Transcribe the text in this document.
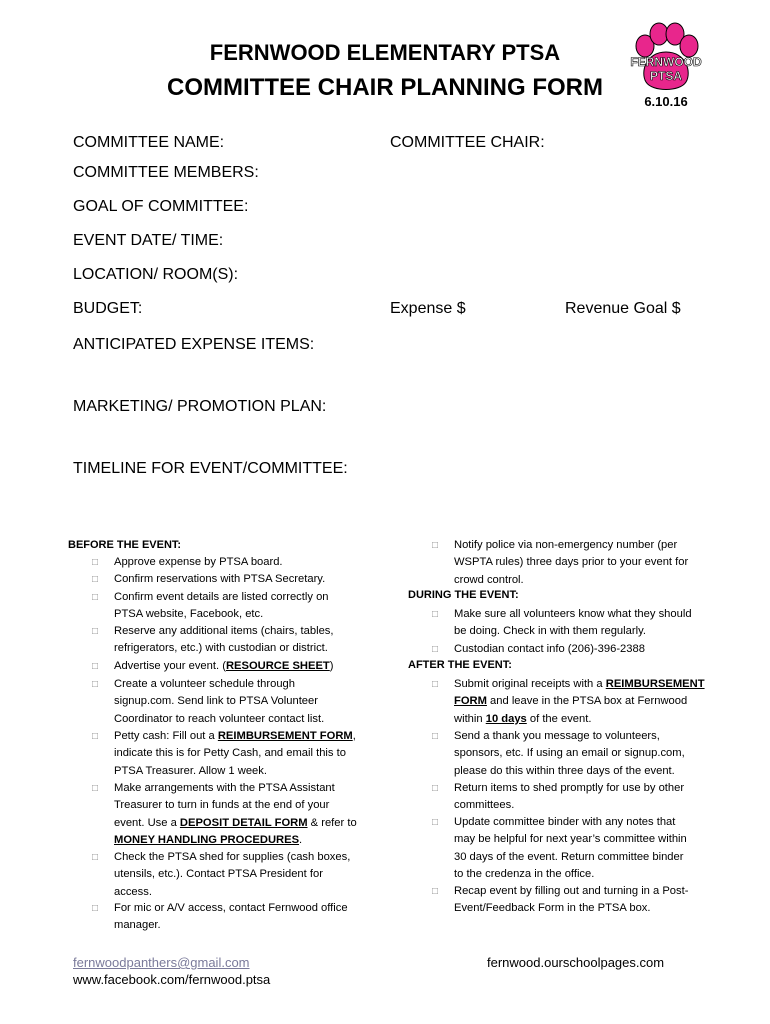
FERNWOOD ELEMENTARY PTSA
COMMITTEE CHAIR PLANNING FORM
FERNWOOD
PTSA
6.10.16
COMMITTEE NAME:	COMMITTEE CHAIR:
COMMITTEE MEMBERS:
GOAL OF COMMITTEE:
EVENT DATE/ TIME:
LOCATION/ ROOM(S):
BUDGET:	Expense $	Revenue Goal $
ANTICIPATED EXPENSE ITEMS:
MARKETING/ PROMOTION PLAN:
TIMELINE FOR EVENT/COMMITTEE:
BEFORE THE EVENT:
□ Approve expense by PTSA board.
□ Confirm reservations with PTSA Secretary.
□ Confirm event details are listed correctly on
PTSA website, Facebook, etc.
□ Reserve any additional items (chairs, tables,
refrigerators, etc.) with custodian or district.
□ Advertise your event. (RESOURCE SHEET)
□ Create a volunteer schedule through
signup.com. Send link to PTSA Volunteer
Coordinator to reach volunteer contact list.
□ Petty cash: Fill out a REIMBURSEMENT FORM,
indicate this is for Petty Cash, and email this to
PTSA Treasurer. Allow 1 week.
□ Make arrangements with the PTSA Assistant
Treasurer to turn in funds at the end of your
event. Use a DEPOSIT DETAIL FORM & refer to
MONEY HANDLING PROCEDURES.
□ Check the PTSA shed for supplies (cash boxes,
utensils, etc.). Contact PTSA President for
access.
□ For mic or A/V access, contact Fernwood office
manager.
□ Notify police via non-emergency number (per
WSPTA rules) three days prior to your event for
crowd control.
DURING THE EVENT:
□ Make sure all volunteers know what they should
be doing. Check in with them regularly.
□ Custodian contact info (206)-396-2388
AFTER THE EVENT:
□ Submit original receipts with a REIMBURSEMENT
FORM and leave in the PTSA box at Fernwood
within 10 days of the event.
□ Send a thank you message to volunteers,
sponsors, etc. If using an email or signup.com,
please do this within three days of the event.
□ Return items to shed promptly for use by other
committees.
□ Update committee binder with any notes that
may be helpful for next year’s committee within
30 days of the event. Return committee binder
to the credenza in the office.
□ Recap event by filling out and turning in a Post-
Event/Feedback Form in the PTSA box.
fernwoodpanthers@gmail.com
www.facebook.com/fernwood.ptsa
fernwood.ourschoolpages.com
